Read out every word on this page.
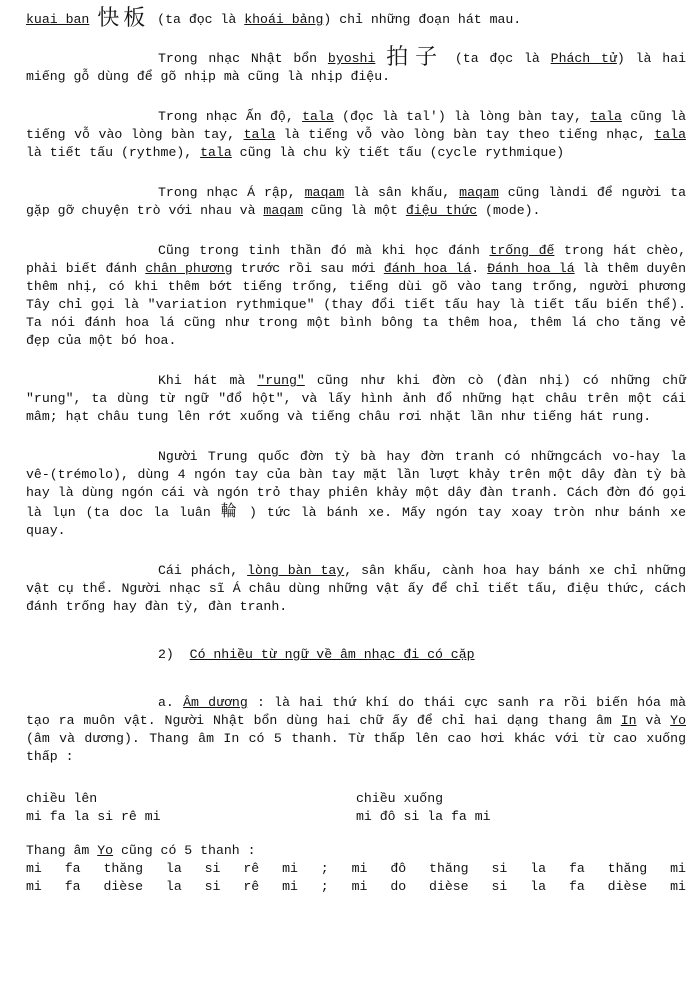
kuai ban 快板 (ta đọc là khoái bảng) chỉ những đoạn hát mau.

Trong nhạc Nhật bổn byoshi 拍子 (ta đọc là Phách tử) là hai miếng gỗ dùng để gõ nhịp mà cũng là nhịp điệu.

Trong nhạc Ấn độ, tala (đọc là tal') là lòng bàn tay, tala cũng là tiếng vỗ vào lòng bàn tay, tala là tiếng vỗ vào lòng bàn tay theo tiếng nhạc, tala là tiết tấu (rythme), tala cũng là chu kỳ tiết tấu (cycle rythmique)

Trong nhạc Á rập, maqam là sân khấu, maqam cũng làndi để người ta gặp gỡ chuyện trò với nhau và maqam cũng là một điệu thức (mode).

Cũng trong tinh thần đó mà khi học đánh trống đế trong hát chèo, phải biết đánh chân phương trước rồi sau mới đánh hoa lá. Đánh hoa lá là thêm duyên thêm nhị, có khi thêm bớt tiếng trống, tiếng dùi gõ vào tang trống, người phương Tây chỉ gọi là "variation rythmique" (thay đổi tiết tấu hay là tiết tấu biến thể). Ta nói đánh hoa lá cũng như trong một bình bông ta thêm hoa, thêm lá cho tăng vẻ đẹp của một bó hoa.

Khi hát mà "rung" cũng như khi đờn cò (đàn nhị) có những chữ "rung", ta dùng từ ngữ "đổ hột", và lấy hình ảnh đổ những hạt châu trên một cái mâm; hạt châu tung lên rớt xuống và tiếng châu rơi nhặt lần như tiếng hát rung.

Người Trung quốc đờn tỳ bà hay đờn tranh có nhữngcách vo-hay la vê-(trémolo), dùng 4 ngón tay của bàn tay mặt lần lượt khảy trên một dây đàn tỳ bà hay là dùng ngón cái và ngón trỏ thay phiên khảy một dây đàn tranh. Cách đờn đó gọi là lụn (ta doc la luân 輪 ) tức là bánh xe. Mấy ngón tay xoay tròn như bánh xe quay.

Cái phách, lòng bàn tay, sân khấu, cành hoa hay bánh xe chỉ những vật cụ thể. Người nhạc sĩ Á châu dùng những vật ấy để chỉ tiết tấu, điệu thức, cách đánh trống hay đàn tỳ, đàn tranh.

2) Có nhiều từ ngữ về âm nhạc đi có cặp

a. Âm dương : là hai thứ khí do thái cực sanh ra rồi biến hóa mà tạo ra muôn vật. Người Nhật bổn dùng hai chữ ấy để chỉ hai dạng thang âm In và Yo (âm và dương). Thang âm In có 5 thanh. Từ thấp lên cao hơi khác với từ cao xuống thấp :

chiều lên
mi fa la si rê mi
chiều xuống
mi đô si la fa mi

Thang âm Yo cũng có 5 thanh :

mi fa thăng la si rê mi ; mi đô thăng si la fa thăng mi
mi fa dièse la si rê mi ; mi do dièse si la fa dièse mi
